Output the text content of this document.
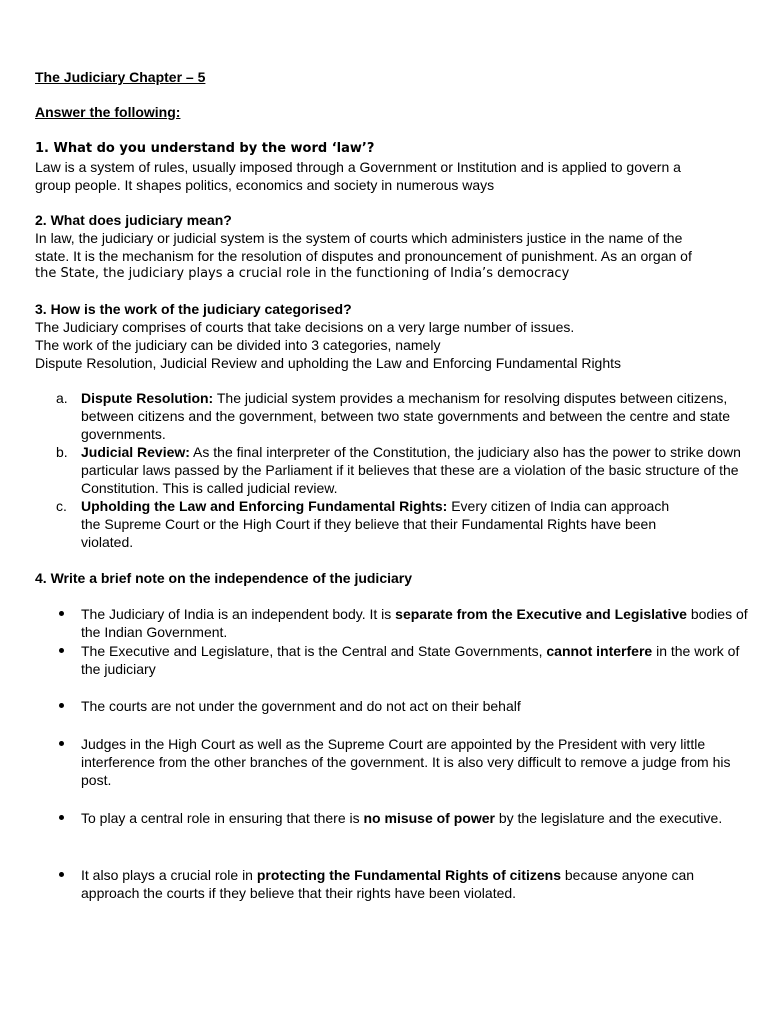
The Judiciary Chapter – 5
Answer the following:
1. What do you understand by the word ‘law’?
Law is a system of rules, usually imposed through a Government or Institution and is applied to govern a
group people. It shapes politics, economics and society in numerous ways
2. What does judiciary mean?
In law, the judiciary or judicial system is the system of courts which administers justice in the name of the
state. It is the mechanism for the resolution of disputes and pronouncement of punishment. As an organ of
the State, the judiciary plays a crucial role in the functioning of India’s democracy
3. How is the work of the judiciary categorised?
The Judiciary comprises of courts that take decisions on a very large number of issues.
The work of the judiciary can be divided into 3 categories, namely
Dispute Resolution, Judicial Review and upholding the Law and Enforcing Fundamental Rights
a. Dispute Resolution: The judicial system provides a mechanism for resolving disputes between citizens, between citizens and the government, between two state governments and between the centre and state governments.
b. Judicial Review: As the final interpreter of the Constitution, the judiciary also has the power to strike down particular laws passed by the Parliament if it believes that these are a violation of the basic structure of the Constitution. This is called judicial review.
c. Upholding the Law and Enforcing Fundamental Rights: Every citizen of India can approach the Supreme Court or the High Court if they believe that their Fundamental Rights have been violated.
4. Write a brief note on the independence of the judiciary
The Judiciary of India is an independent body. It is separate from the Executive and Legislative bodies of the Indian Government.
The Executive and Legislature, that is the Central and State Governments, cannot interfere in the work of the judiciary
The courts are not under the government and do not act on their behalf
Judges in the High Court as well as the Supreme Court are appointed by the President with very little interference from the other branches of the government. It is also very difficult to remove a judge from his post.
To play a central role in ensuring that there is no misuse of power by the legislature and the executive.
It also plays a crucial role in protecting the Fundamental Rights of citizens because anyone can approach the courts if they believe that their rights have been violated.
